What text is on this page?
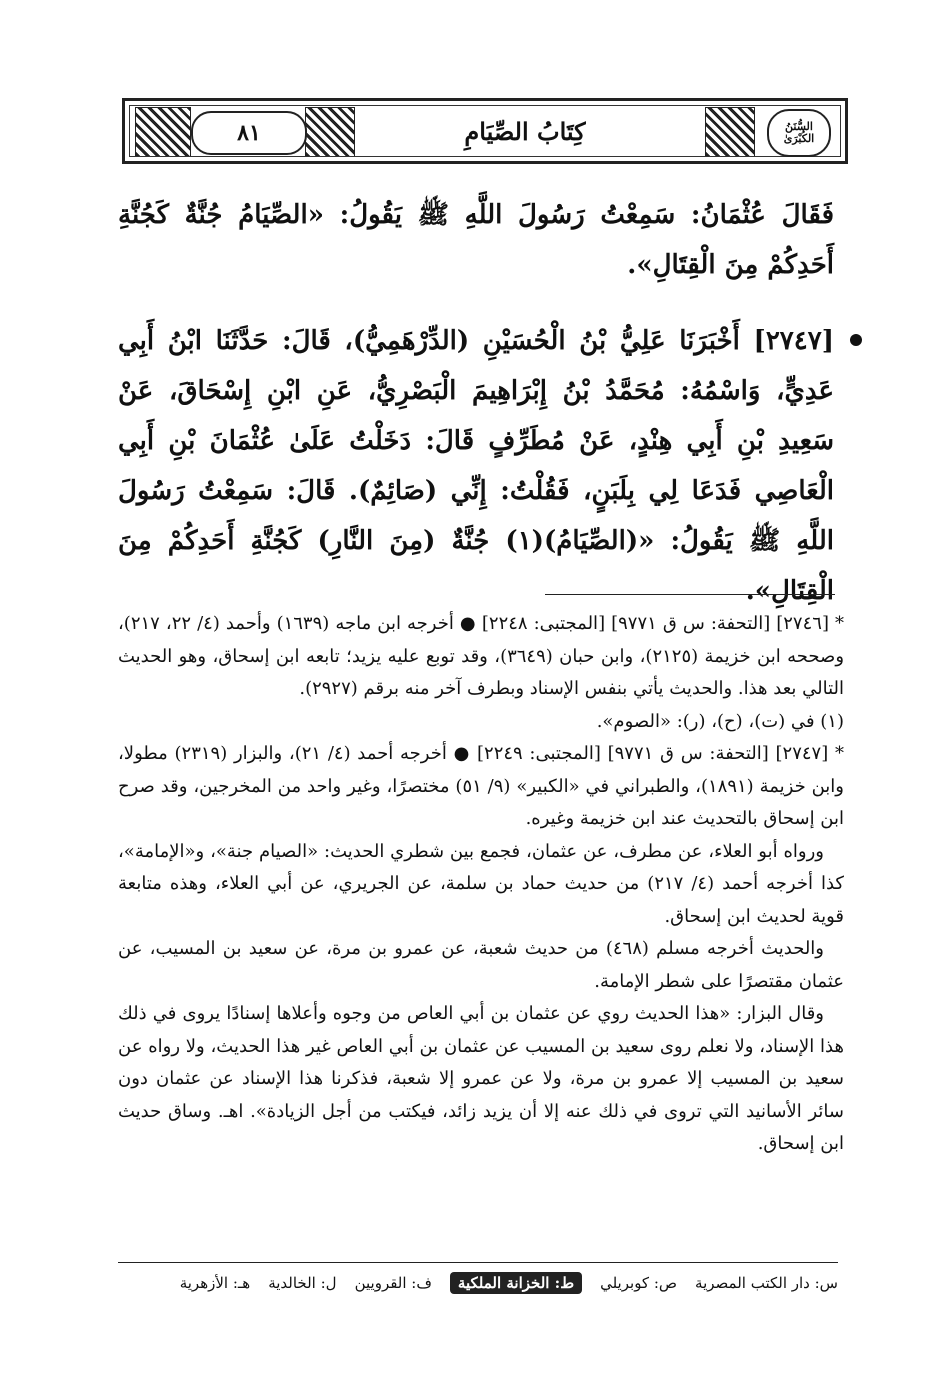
٨١	كِتَابُ الصِّيَامِ	السُّنَنُ الكُبْرَىٰ

فَقَالَ عُثْمَانُ: سَمِعْتُ رَسُولَ اللَّهِ ﷺ يَقُولُ: «الصِّيَامُ جُنَّةٌ كَجُنَّةِ أَحَدِكُمْ مِنَ الْقِتَالِ».

[٢٧٤٧] أَخْبَرَنَا عَلِيُّ بْنُ الْحُسَيْنِ (الدِّرْهَمِيُّ)، قَالَ: حَدَّثَنَا ابْنُ أَبِي عَدِيٍّ، وَاسْمُهُ: مُحَمَّدُ بْنُ إِبْرَاهِيمَ الْبَصْرِيُّ، عَنِ ابْنِ إِسْحَاقَ، عَنْ سَعِيدِ بْنِ أَبِي هِنْدٍ، عَنْ مُطَرِّفٍ قَالَ: دَخَلْتُ عَلَىٰ عُثْمَانَ بْنِ أَبِي الْعَاصِي فَدَعَا لِي بِلَبَنٍ، فَقُلْتُ: إِنِّي (صَائِمٌ). قَالَ: سَمِعْتُ رَسُولَ اللَّهِ ﷺ يَقُولُ: «(الصِّيَامُ)(١) جُنَّةٌ (مِنَ النَّارِ) كَجُنَّةِ أَحَدِكُمْ مِنَ الْقِتَالِ».

* [٢٧٤٦] [التحفة: س ق ٩٧٧١] [المجتبى: ٢٢٤٨] ● أخرجه ابن ماجه (١٦٣٩) وأحمد (٤/ ٢٢، ٢١٧)، وصححه ابن خزيمة (٢١٢٥)، وابن حبان (٣٦٤٩)، وقد توبع عليه يزيد؛ تابعه ابن إسحاق، وهو الحديث التالي بعد هذا. والحديث يأتي بنفس الإسناد وبطرف آخر منه برقم (٢٩٢٧).

(١) في (ت)، (ح)، (ر): «الصوم».

* [٢٧٤٧] [التحفة: س ق ٩٧٧١] [المجتبى: ٢٢٤٩] ● أخرجه أحمد (٤/ ٢١)، والبزار (٢٣١٩) مطولا، وابن خزيمة (١٨٩١)، والطبراني في «الكبير» (٩/ ٥١) مختصرًا، وغير واحد من المخرجين، وقد صرح ابن إسحاق بالتحديث عند ابن خزيمة وغيره.

ورواه أبو العلاء، عن مطرف، عن عثمان، فجمع بين شطري الحديث: «الصيام جنة»، و«الإمامة»، كذا أخرجه أحمد (٤/ ٢١٧) من حديث حماد بن سلمة، عن الجريري، عن أبي العلاء، وهذه متابعة قوية لحديث ابن إسحاق.

والحديث أخرجه مسلم (٤٦٨) من حديث شعبة، عن عمرو بن مرة، عن سعيد بن المسيب، عن عثمان مقتصرًا على شطر الإمامة.

وقال البزار: «هذا الحديث روي عن عثمان بن أبي العاص من وجوه وأعلاها إسنادًا يروى في ذلك هذا الإسناد، ولا نعلم روى سعيد بن المسيب عن عثمان بن أبي العاص غير هذا الحديث، ولا رواه عن سعيد بن المسيب إلا عمرو بن مرة، ولا عن عمرو إلا شعبة، فذكرنا هذا الإسناد عن عثمان دون سائر الأسانيد التي تروى في ذلك عنه إلا أن يزيد زائد، فيكتب من أجل الزيادة». اهـ. وساق حديث ابن إسحاق.

س: دار الكتب المصرية
ص: كوبريلي
ط: الخزانة الملكية
ف: القرويين
ل: الخالدية
هـ: الأزهرية
